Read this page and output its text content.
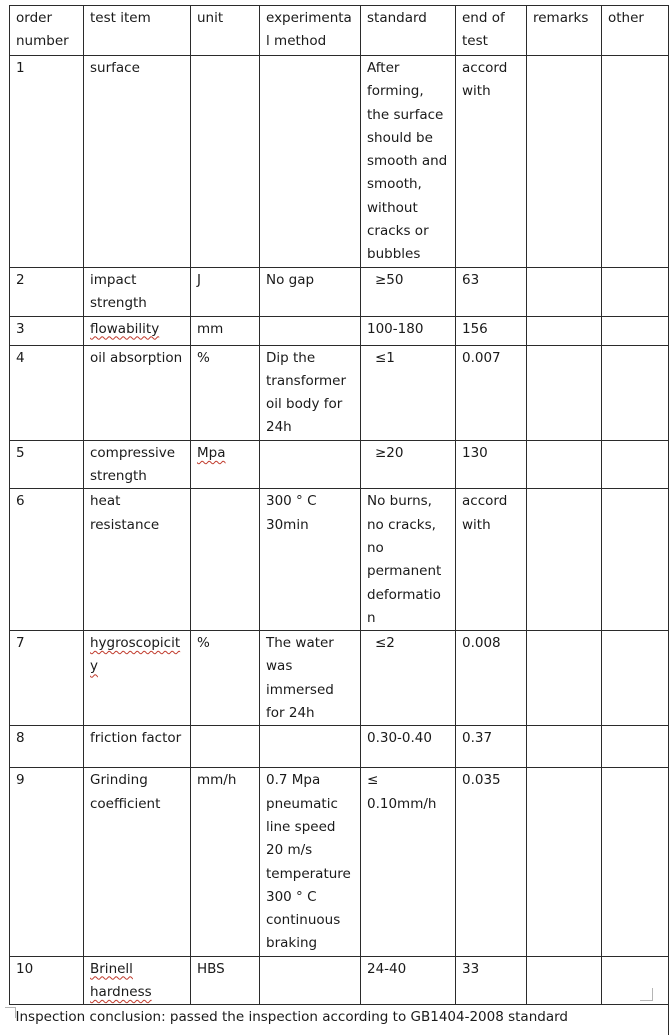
order number	test item	unit	experimental method	standard	end of test	remarks	other
1	surface			After forming, the surface should be smooth and smooth, without cracks or bubbles	accord with		
2	impact strength	J	No gap	≥50	63		
3	flowability	mm		100-180	156		
4	oil absorption	%	Dip the transformer oil body for 24h	≤1	0.007		
5	compressive strength	Mpa		≥20	130		
6	heat resistance		300 ° C 30min	No burns, no cracks, no permanent deformation	accord with		
7	hygroscopicity	%	The water was immersed for 24h	≤2	0.008		
8	friction factor			0.30-0.40	0.37		
9	Grinding coefficient	mm/h	0.7 Mpa pneumatic line speed 20 m/s temperature 300 ° C continuous braking	≤ 0.10mm/h	0.035		
10	Brinell hardness	HBS		24-40	33		
Inspection conclusion: passed the inspection according to GB1404-2008 standard							
